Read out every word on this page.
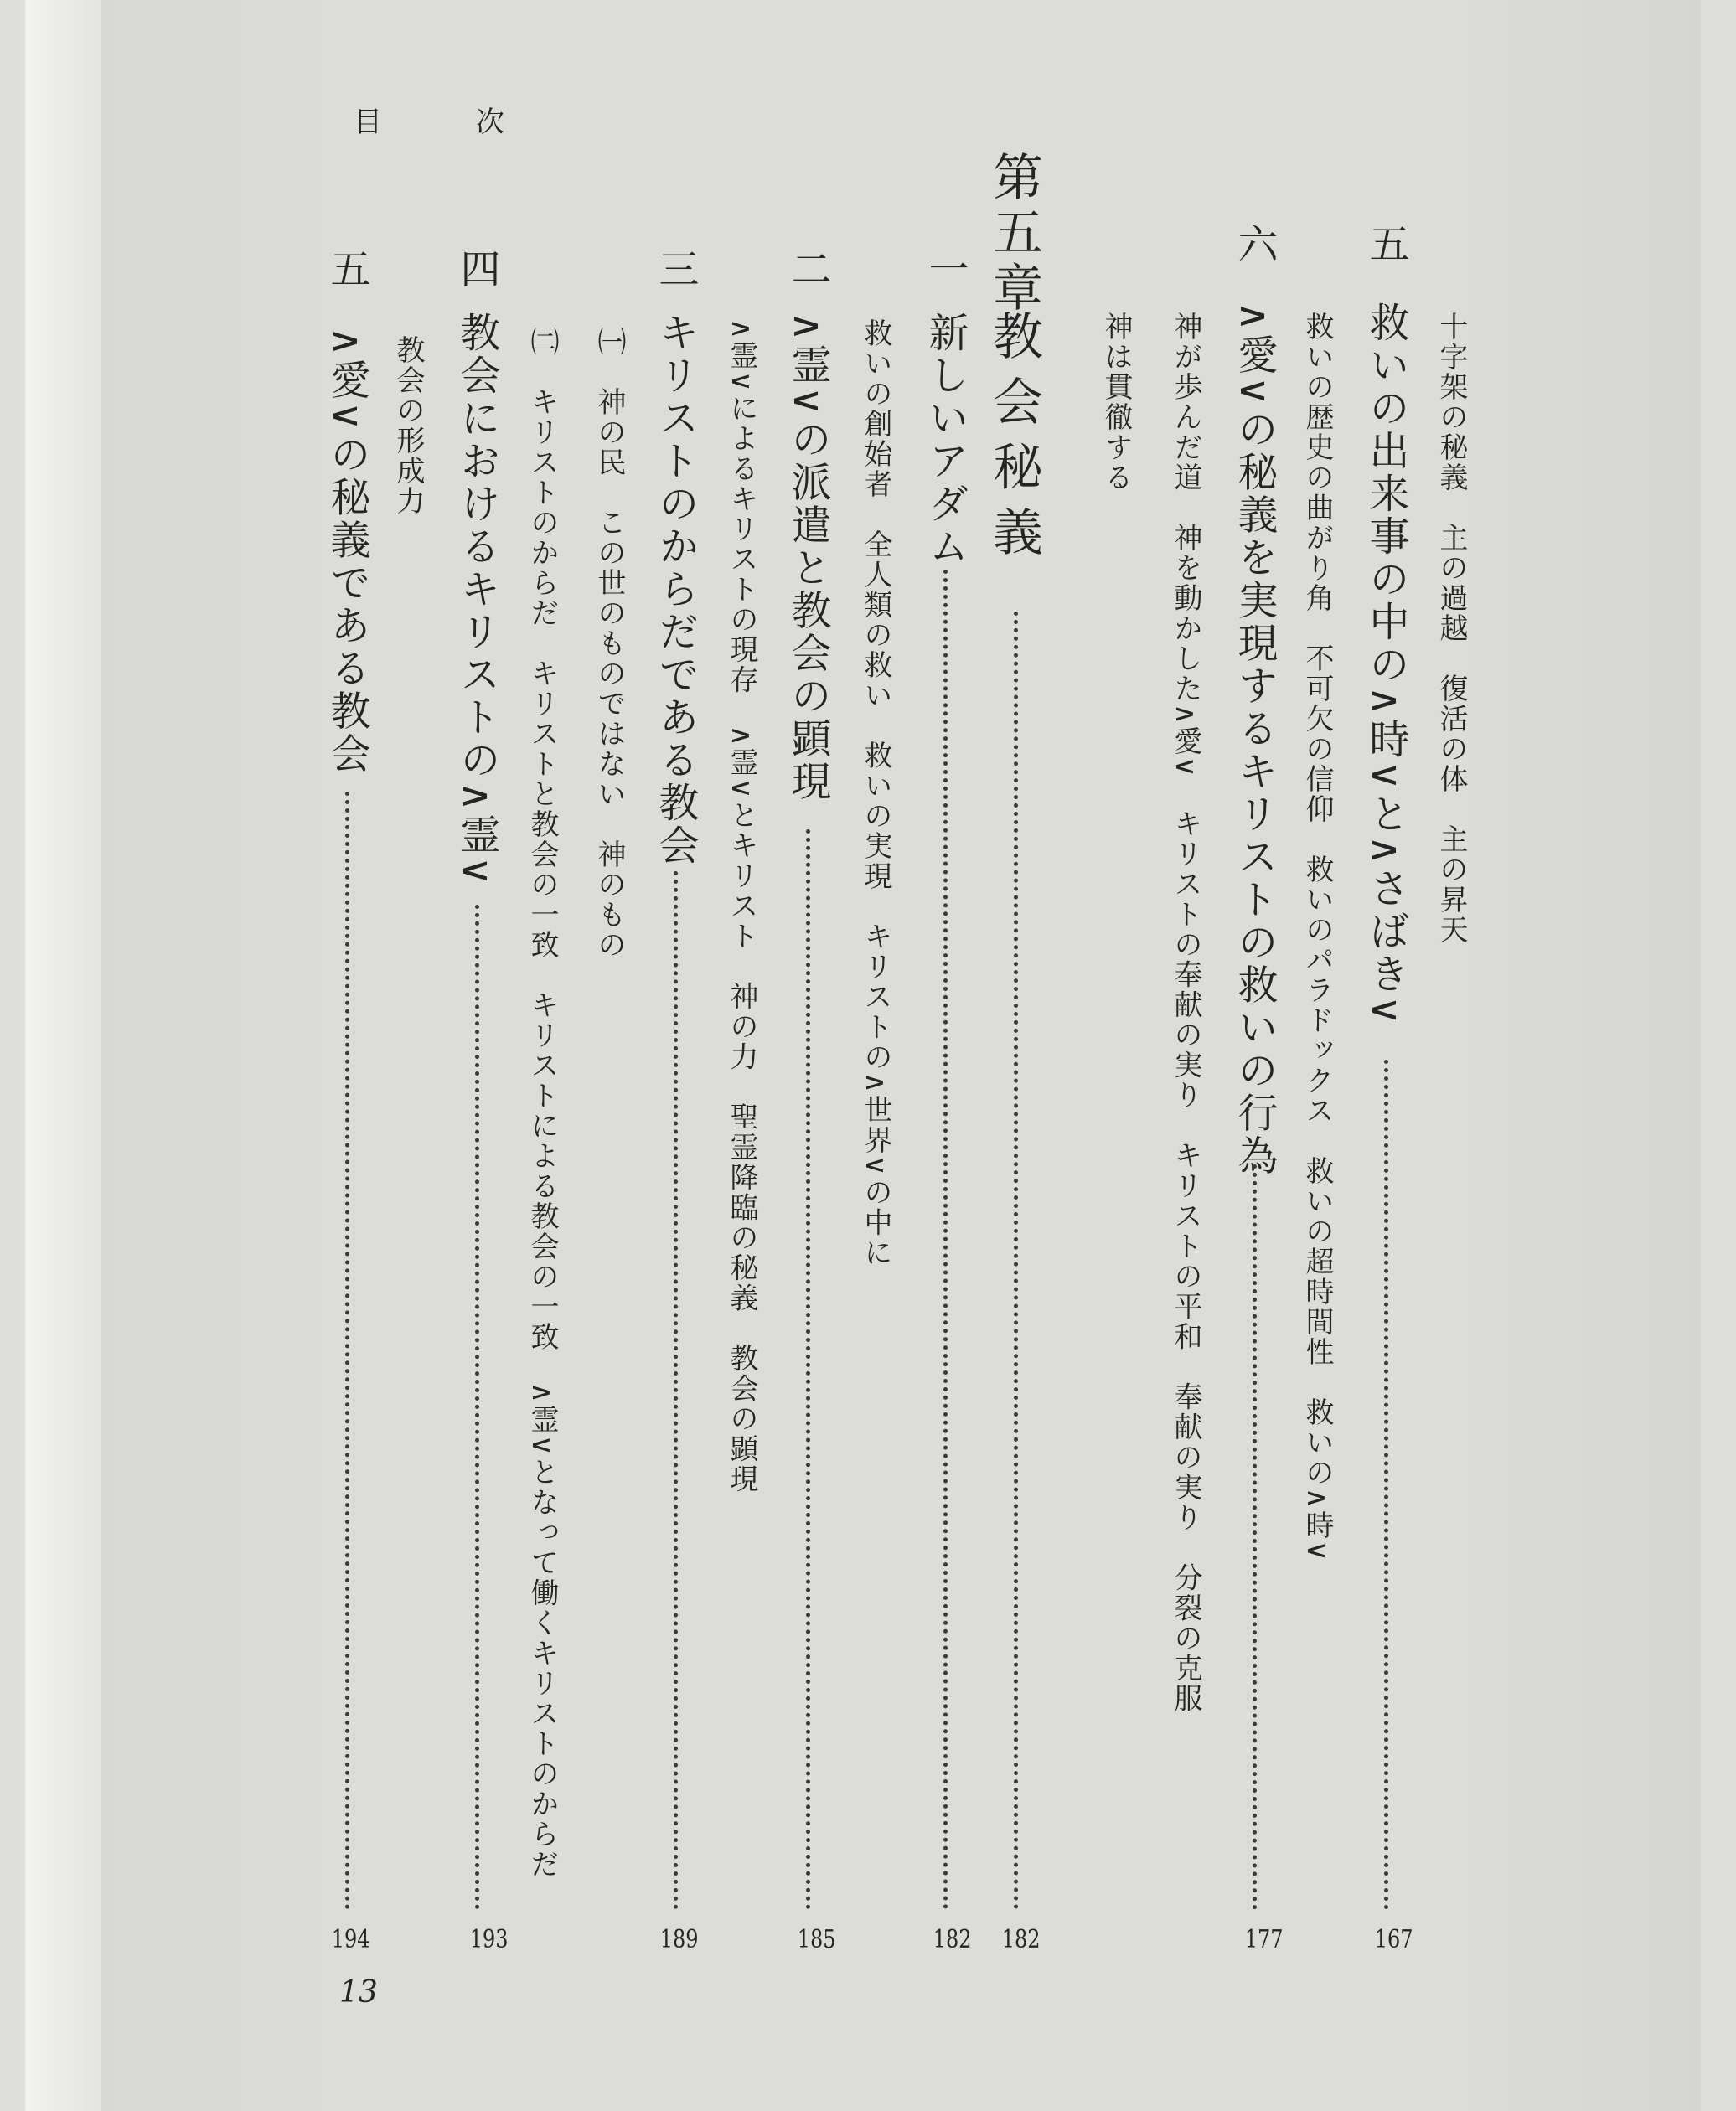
目	次
十字架の秘義　主の過越　復活の体　主の昇天
五
救いの出来事の中の∧時∨と∧さばき∨
167
救いの歴史の曲がり角　不可欠の信仰　救いのパラドックス　救いの超時間性　救いの∧時∨
六
∧愛∨の秘義を実現するキリストの救いの行為
177
神が歩んだ道　神を動かした∧愛∨　キリストの奉献の実り　キリストの平和　奉献の実り　分裂の克服
神は貫徹する
第五章
教会秘義
182
一
新しいアダム
182
救いの創始者　全人類の救い　救いの実現　キリストの∧世界∨の中に
二
∧霊∨の派遣と教会の顕現
185
∧霊∨によるキリストの現存　∧霊∨とキリスト　神の力　聖霊降臨の秘義　教会の顕現
三
キリストのからだである教会
189
㈠　神の民　この世のものではない　神のもの
㈡　キリストのからだ　キリストと教会の一致　キリストによる教会の一致　∧霊∨となって働くキリストのからだ
四
教会におけるキリストの∧霊∨
193
教会の形成力
五
∧愛∨の秘義である教会
194
13
